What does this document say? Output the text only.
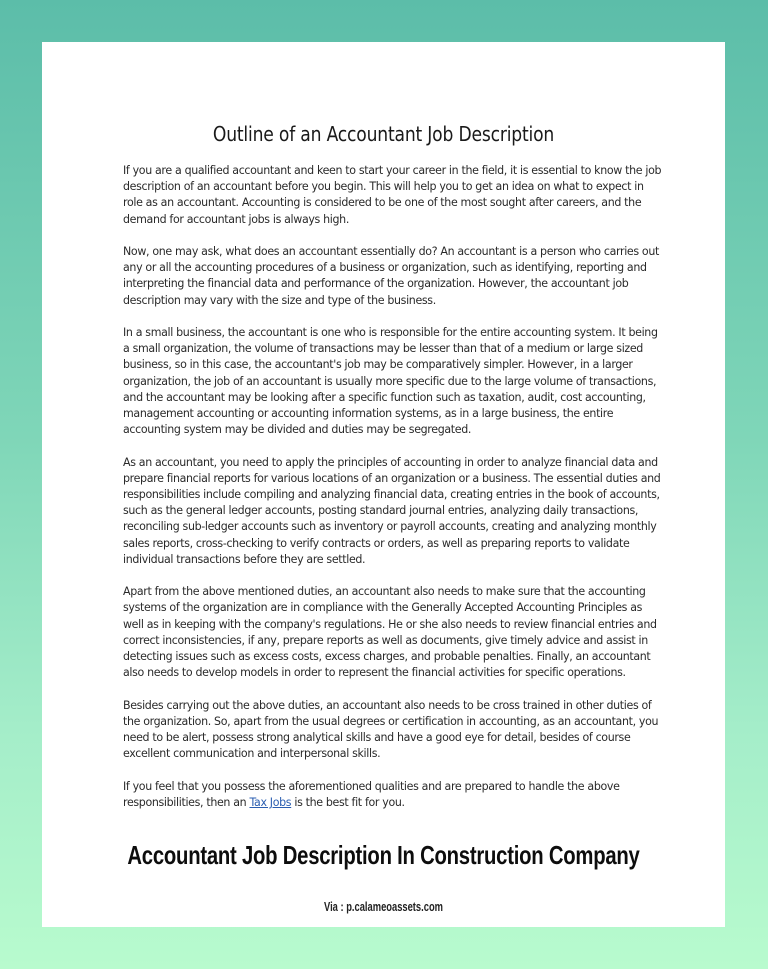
Outline of an Accountant Job Description

If you are a qualified accountant and keen to start your career in the field, it is essential to know the job description of an accountant before you begin. This will help you to get an idea on what to expect in role as an accountant. Accounting is considered to be one of the most sought after careers, and the demand for accountant jobs is always high.

Now, one may ask, what does an accountant essentially do? An accountant is a person who carries out any or all the accounting procedures of a business or organization, such as identifying, reporting and interpreting the financial data and performance of the organization. However, the accountant job description may vary with the size and type of the business.

In a small business, the accountant is one who is responsible for the entire accounting system. It being a small organization, the volume of transactions may be lesser than that of a medium or large sized business, so in this case, the accountant's job may be comparatively simpler. However, in a larger organization, the job of an accountant is usually more specific due to the large volume of transactions, and the accountant may be looking after a specific function such as taxation, audit, cost accounting, management accounting or accounting information systems, as in a large business, the entire accounting system may be divided and duties may be segregated.

As an accountant, you need to apply the principles of accounting in order to analyze financial data and prepare financial reports for various locations of an organization or a business. The essential duties and responsibilities include compiling and analyzing financial data, creating entries in the book of accounts, such as the general ledger accounts, posting standard journal entries, analyzing daily transactions, reconciling sub-ledger accounts such as inventory or payroll accounts, creating and analyzing monthly sales reports, cross-checking to verify contracts or orders, as well as preparing reports to validate individual transactions before they are settled.

Apart from the above mentioned duties, an accountant also needs to make sure that the accounting systems of the organization are in compliance with the Generally Accepted Accounting Principles as well as in keeping with the company's regulations. He or she also needs to review financial entries and correct inconsistencies, if any, prepare reports as well as documents, give timely advice and assist in detecting issues such as excess costs, excess charges, and probable penalties. Finally, an accountant also needs to develop models in order to represent the financial activities for specific operations.

Besides carrying out the above duties, an accountant also needs to be cross trained in other duties of the organization. So, apart from the usual degrees or certification in accounting, as an accountant, you need to be alert, possess strong analytical skills and have a good eye for detail, besides of course excellent communication and interpersonal skills.

If you feel that you possess the aforementioned qualities and are prepared to handle the above responsibilities, then an Tax Jobs is the best fit for you.

Accountant Job Description In Construction Company
Via : p.calameoassets.com
